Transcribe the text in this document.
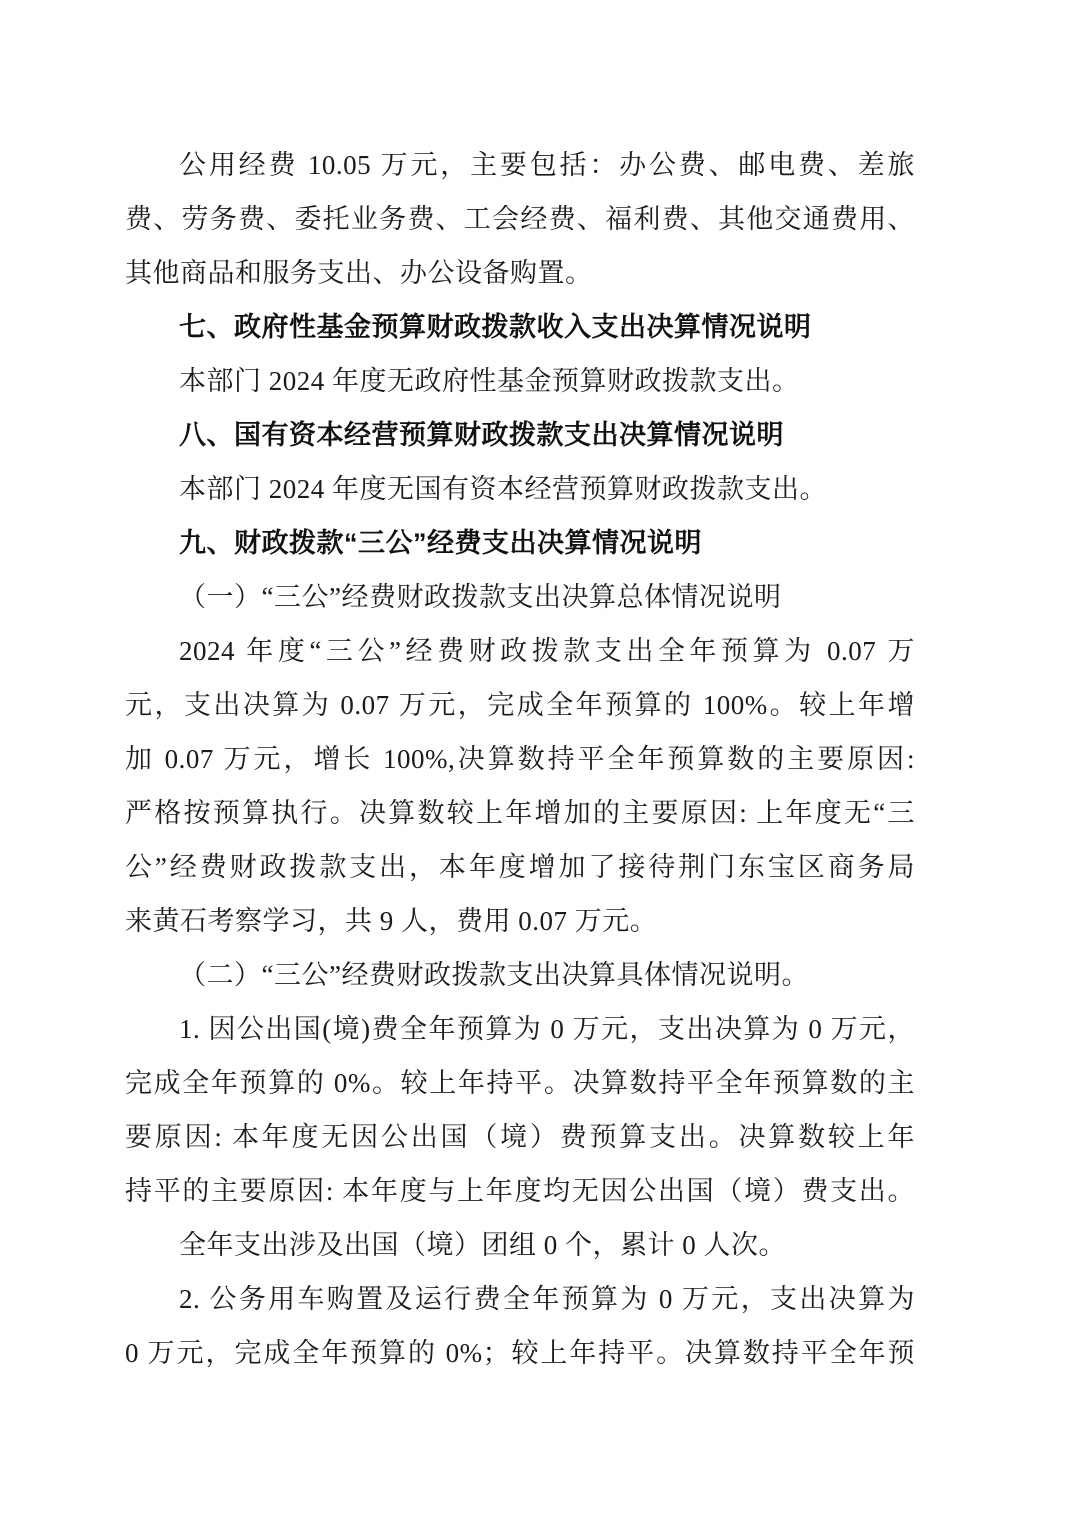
公用经费 10.05 万元，主要包括：办公费、邮电费、差旅
费、劳务费、委托业务费、工会经费、福利费、其他交通费用、
其他商品和服务支出、办公设备购置。
七、政府性基金预算财政拨款收入支出决算情况说明
本部门 2024 年度无政府性基金预算财政拨款支出。
八、国有资本经营预算财政拨款支出决算情况说明
本部门 2024 年度无国有资本经营预算财政拨款支出。
九、财政拨款“三公”经费支出决算情况说明
（一）“三公”经费财政拨款支出决算总体情况说明
2024 年度“三公”经费财政拨款支出全年预算为 0.07 万
元，支出决算为 0.07 万元，完成全年预算的 100%。较上年增
加 0.07 万元，增长 100%,决算数持平全年预算数的主要原因:
严格按预算执行。决算数较上年增加的主要原因: 上年度无“三
公”经费财政拨款支出，本年度增加了接待荆门东宝区商务局
来黄石考察学习，共 9 人，费用 0.07 万元。
（二）“三公”经费财政拨款支出决算具体情况说明。
1. 因公出国(境)费全年预算为 0 万元，支出决算为 0 万元，
完成全年预算的 0%。较上年持平。决算数持平全年预算数的主
要原因: 本年度无因公出国（境）费预算支出。决算数较上年
持平的主要原因: 本年度与上年度均无因公出国（境）费支出。
全年支出涉及出国（境）团组 0 个，累计 0 人次。
2. 公务用车购置及运行费全年预算为 0 万元，支出决算为
0 万元，完成全年预算的 0%；较上年持平。决算数持平全年预
